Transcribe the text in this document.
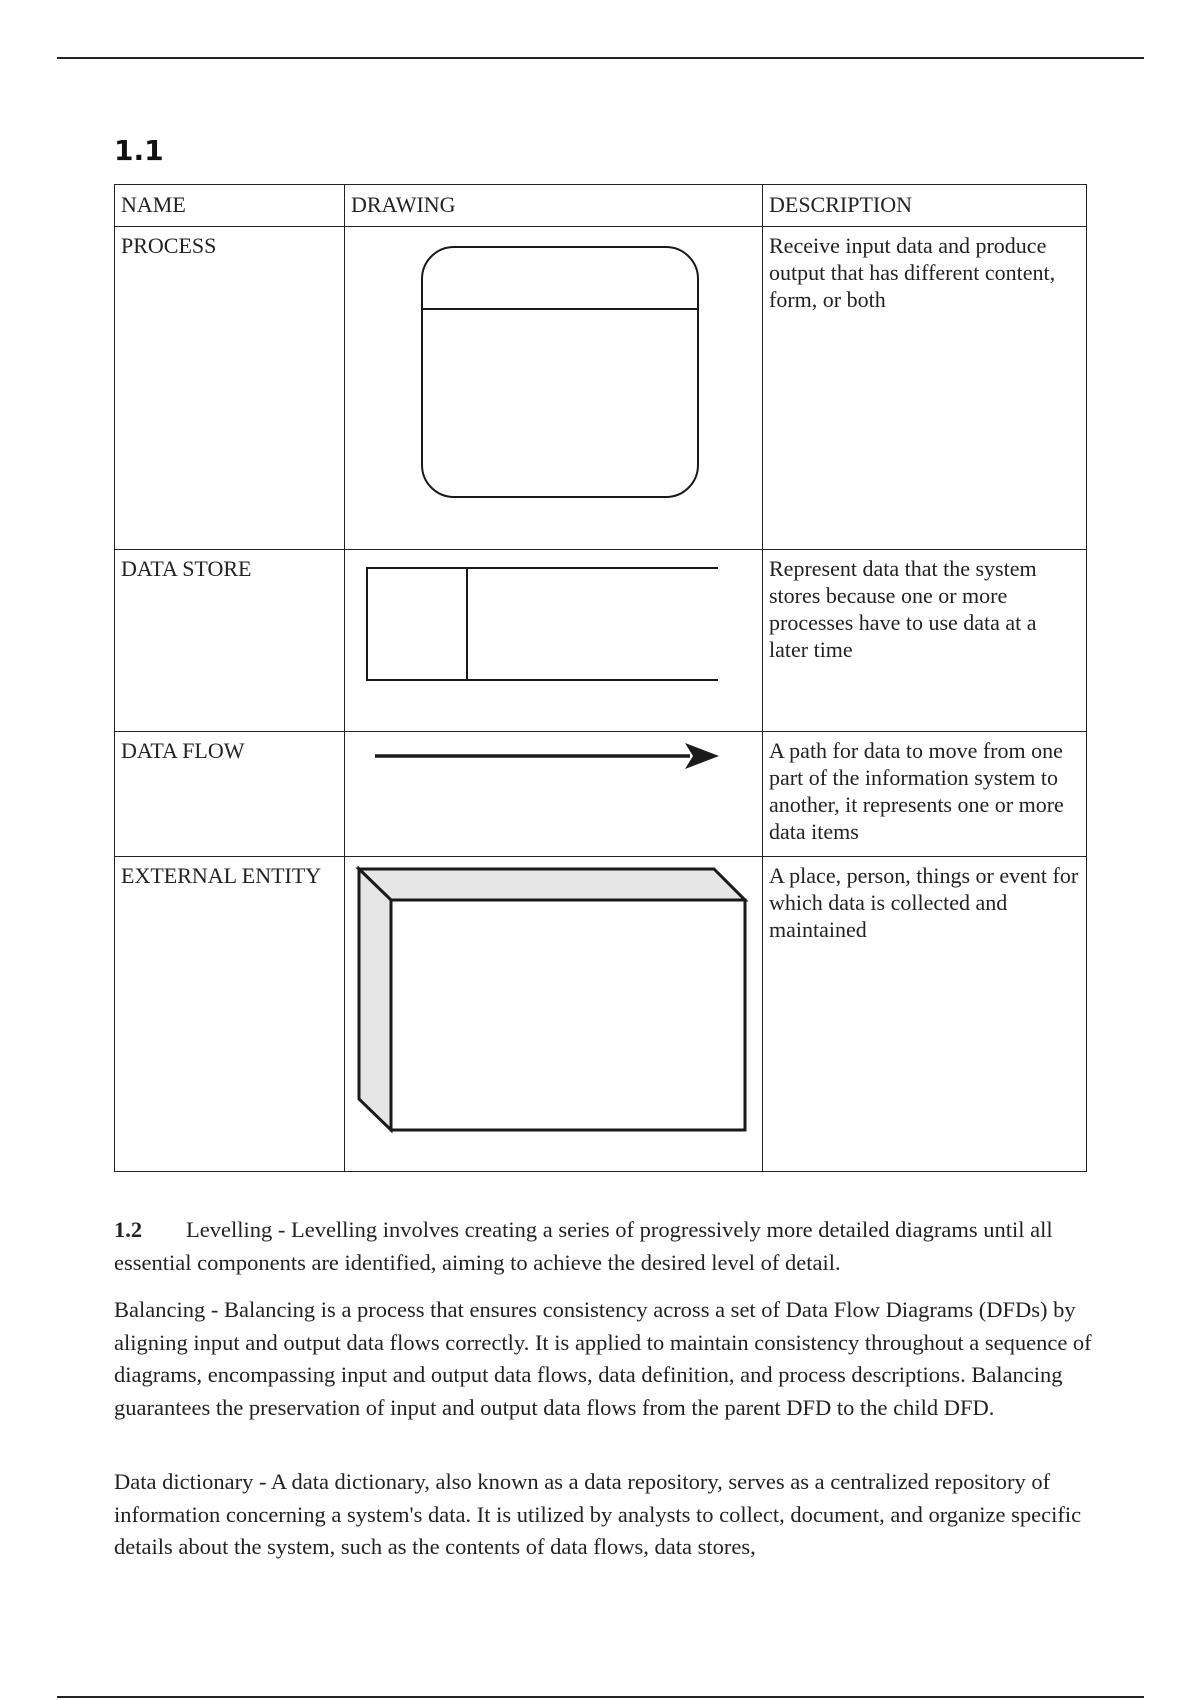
1.1
NAME	DRAWING	DESCRIPTION
PROCESS		Receive input data and produce output that has different content, form, or both
DATA STORE		Represent data that the system stores because one or more processes have to use data at a later time
DATA FLOW		A path for data to move from one part of the information system to another, it represents one or more data items
EXTERNAL ENTITY		A place, person, things or event for which data is collected and maintained

1.2 Levelling - Levelling involves creating a series of progressively more detailed diagrams until all essential components are identified, aiming to achieve the desired level of detail.

Balancing - Balancing is a process that ensures consistency across a set of Data Flow Diagrams (DFDs) by aligning input and output data flows correctly. It is applied to maintain consistency throughout a sequence of diagrams, encompassing input and output data flows, data definition, and process descriptions. Balancing guarantees the preservation of input and output data flows from the parent DFD to the child DFD.

Data dictionary - A data dictionary, also known as a data repository, serves as a centralized repository of information concerning a system's data. It is utilized by analysts to collect, document, and organize specific details about the system, such as the contents of data flows, data stores,
